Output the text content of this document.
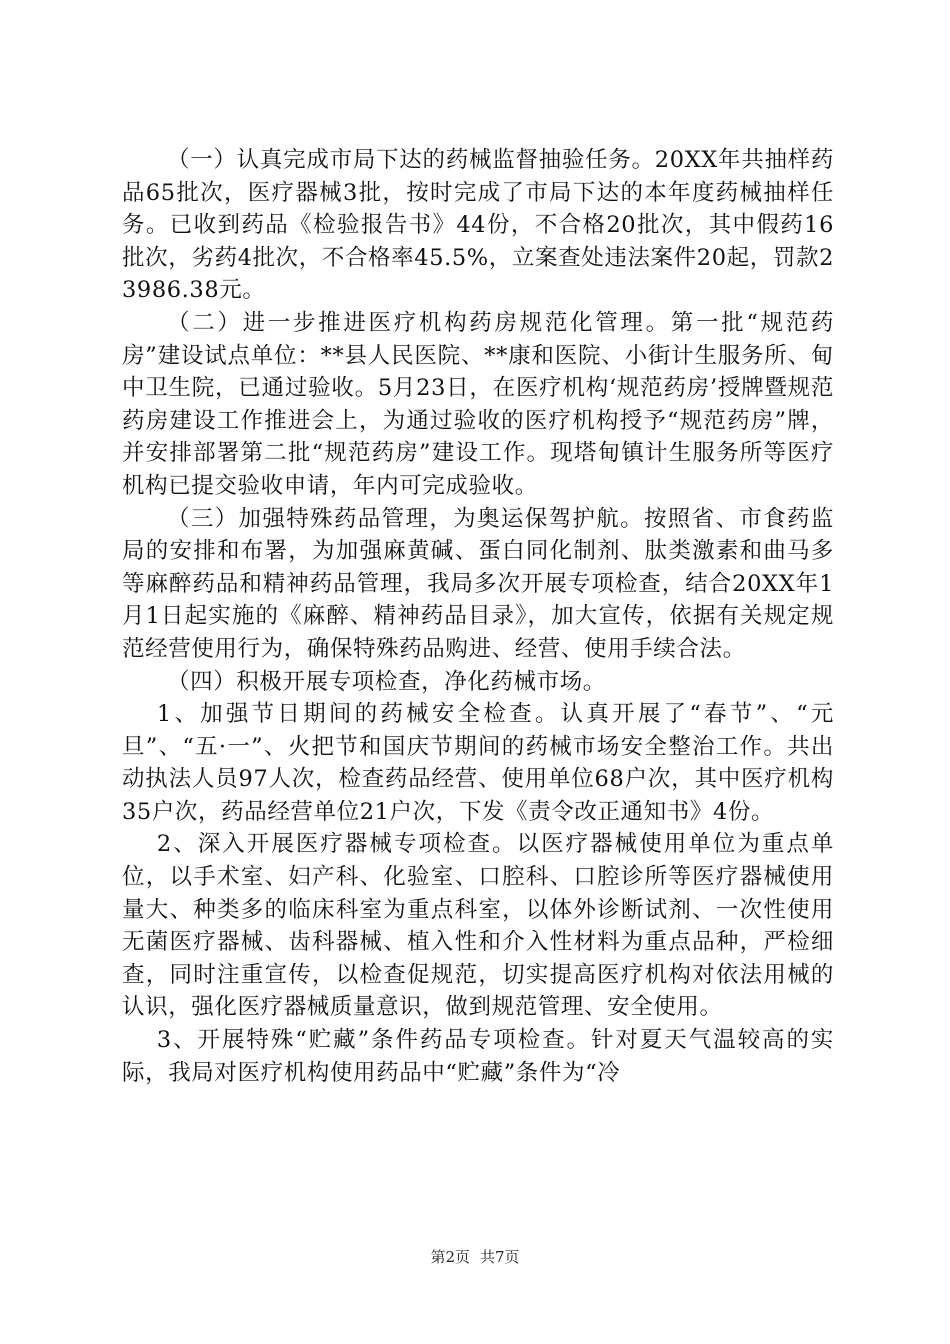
（一）认真完成市局下达的药械监督抽验任务。20XX年共抽样药品65批次，医疗器械3批，按时完成了市局下达的本年度药械抽样任务。已收到药品《检验报告书》44份，不合格20批次，其中假药16批次，劣药4批次，不合格率45.5%，立案查处违法案件20起，罚款23986.38元。

（二）进一步推进医疗机构药房规范化管理。第一批“规范药房”建设试点单位：**县人民医院、**康和医院、小街计生服务所、甸中卫生院，已通过验收。5月23日，在医疗机构‘规范药房’授牌暨规范药房建设工作推进会上，为通过验收的医疗机构授予“规范药房”牌，并安排部署第二批“规范药房”建设工作。现塔甸镇计生服务所等医疗机构已提交验收申请，年内可完成验收。

（三）加强特殊药品管理，为奥运保驾护航。按照省、市食药监局的安排和布署，为加强麻黄碱、蛋白同化制剂、肽类激素和曲马多等麻醉药品和精神药品管理，我局多次开展专项检查，结合20XX年1月1日起实施的《麻醉、精神药品目录》，加大宣传，依据有关规定规范经营使用行为，确保特殊药品购进、经营、使用手续合法。

（四）积极开展专项检查，净化药械市场。

1、加强节日期间的药械安全检查。认真开展了“春节”、“元旦”、“五·一”、火把节和国庆节期间的药械市场安全整治工作。共出动执法人员97人次，检查药品经营、使用单位68户次，其中医疗机构35户次，药品经营单位21户次，下发《责令改正通知书》4份。

2、深入开展医疗器械专项检查。以医疗器械使用单位为重点单位，以手术室、妇产科、化验室、口腔科、口腔诊所等医疗器械使用量大、种类多的临床科室为重点科室，以体外诊断试剂、一次性使用无菌医疗器械、齿科器械、植入性和介入性材料为重点品种，严检细查，同时注重宣传，以检查促规范，切实提高医疗机构对依法用械的认识，强化医疗器械质量意识，做到规范管理、安全使用。

3、开展特殊“贮藏”条件药品专项检查。针对夏天气温较高的实际，我局对医疗机构使用药品中“贮藏”条件为“冷

第2页 共7页
